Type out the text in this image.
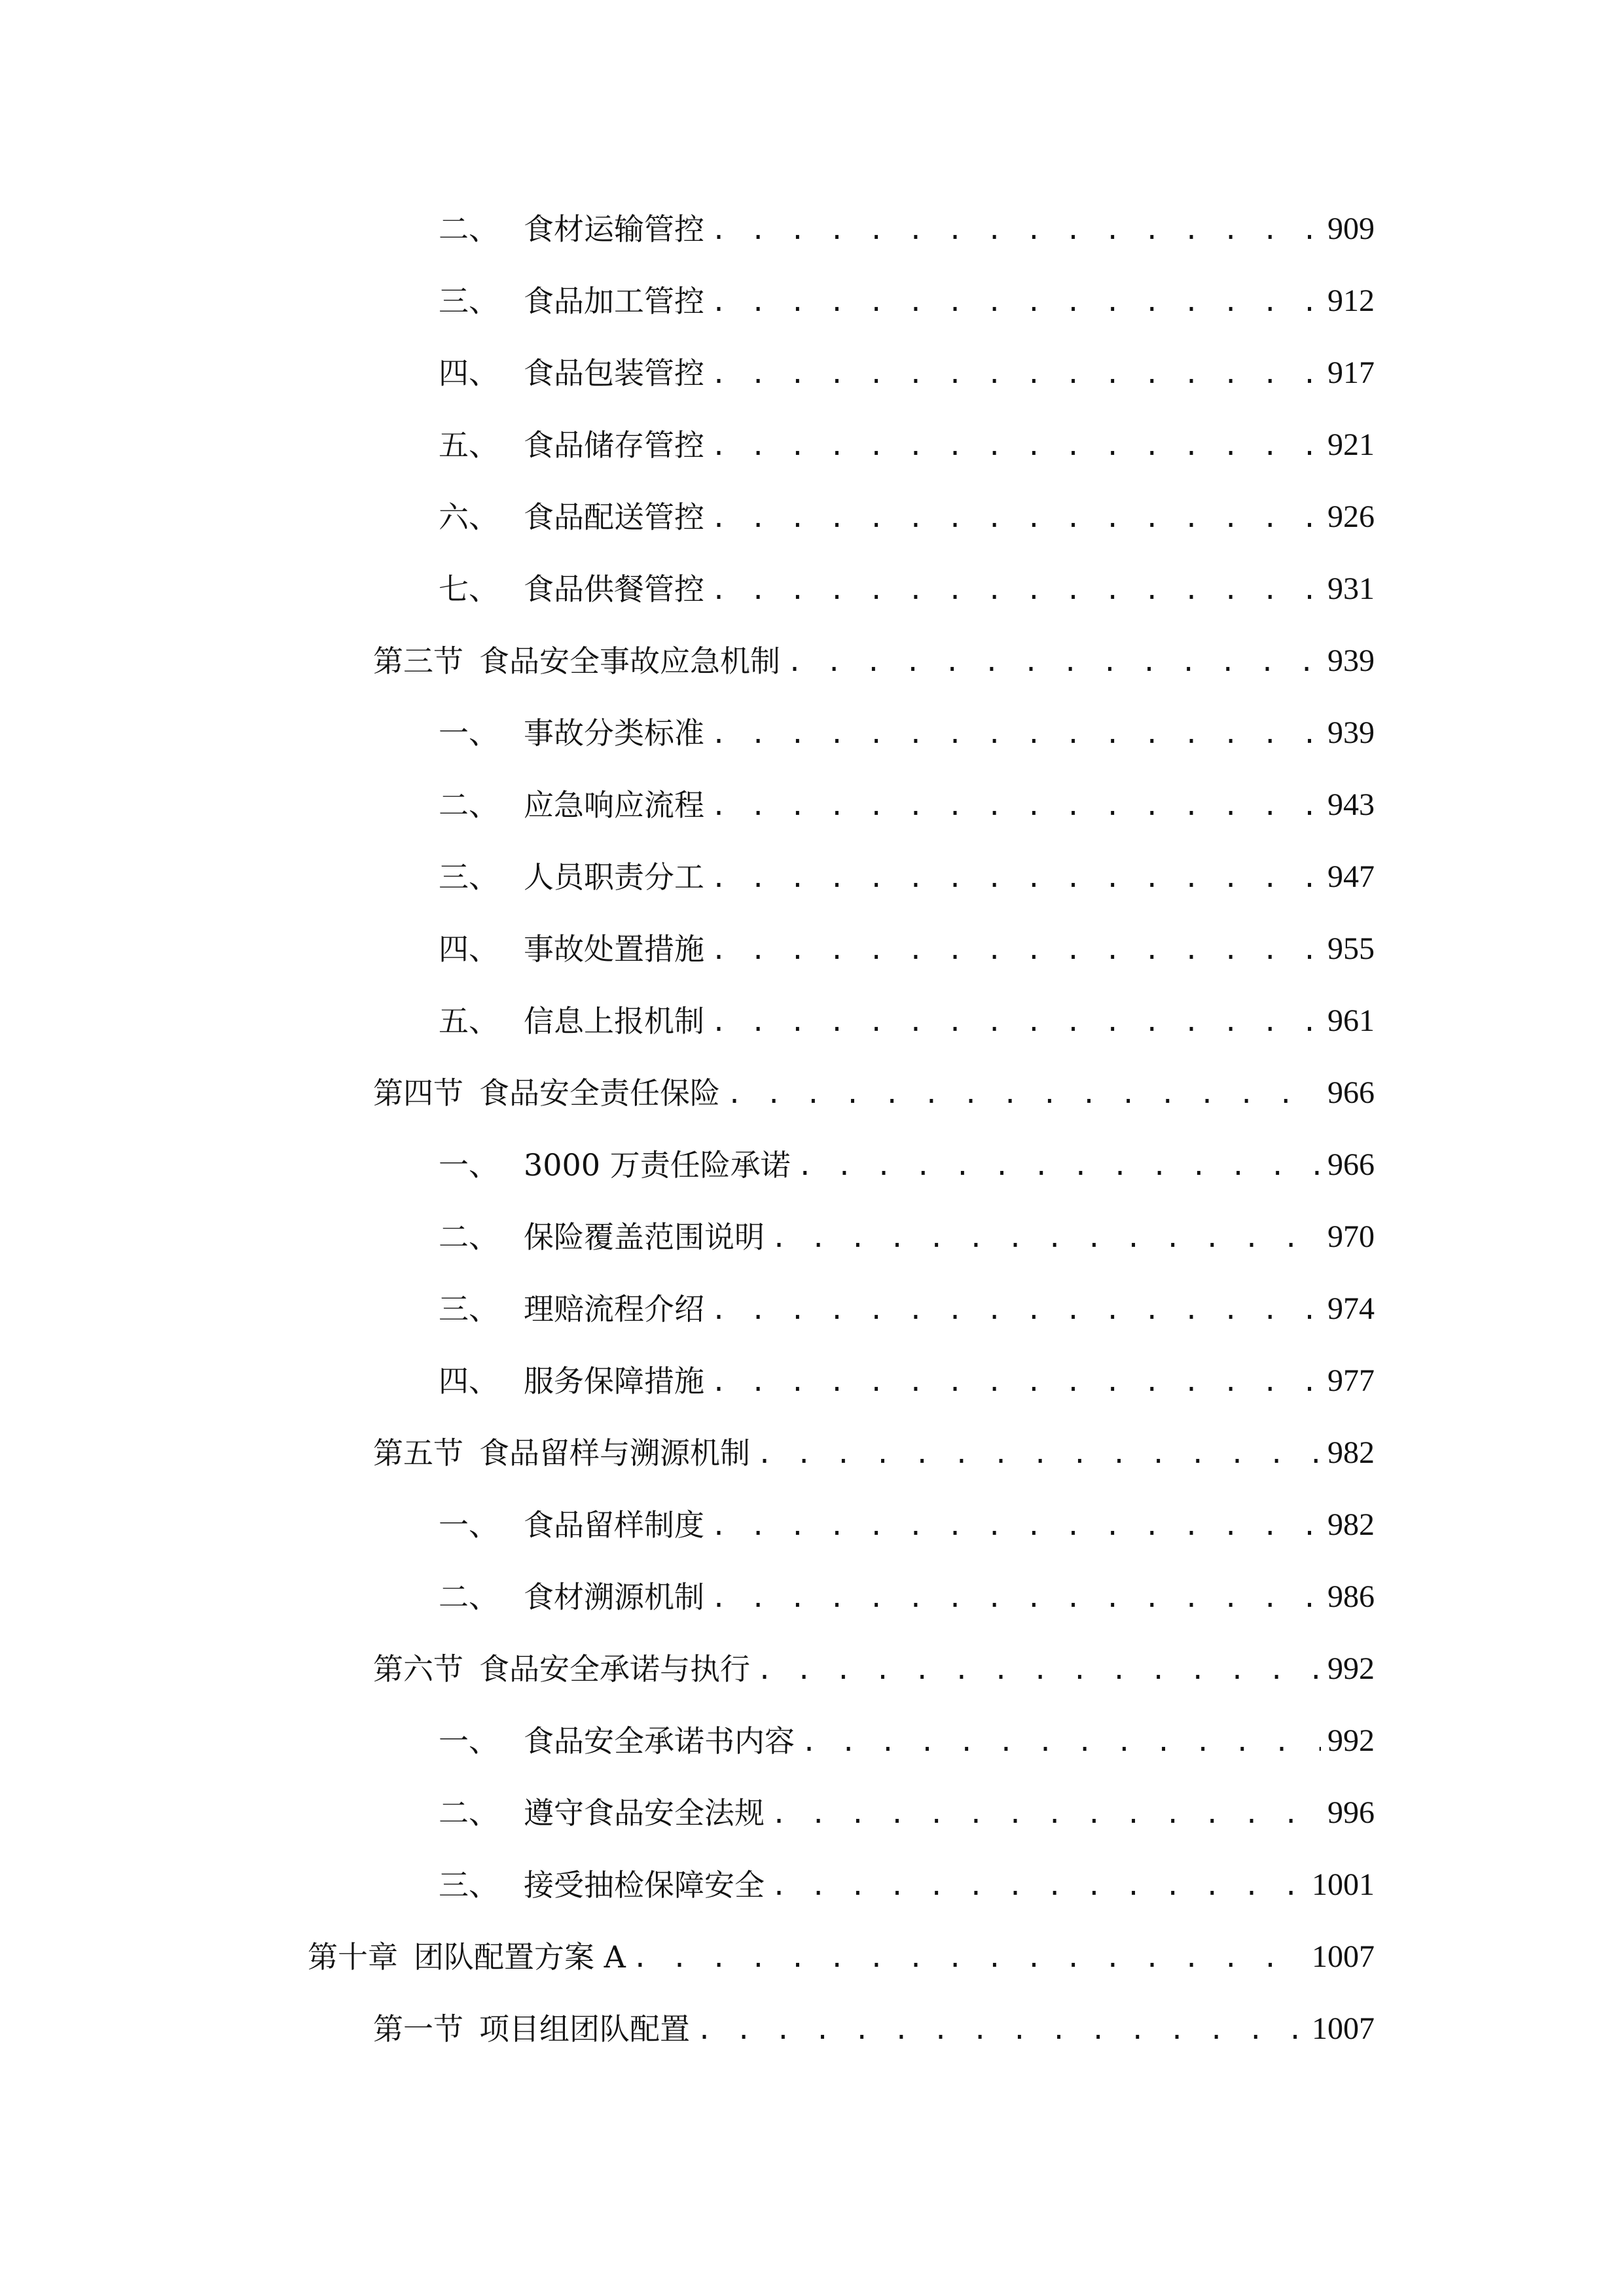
二、 食材运输管控 . . .	909
三、 食品加工管控 . . .	912
四、 食品包装管控 . . .	917
五、 食品储存管控 . . .	921
六、 食品配送管控 . . .	926
七、 食品供餐管控 . . .	931
第三节 食品安全事故应急机制 . . .	939
一、 事故分类标准 . . .	939
二、 应急响应流程 . . .	943
三、 人员职责分工 . . .	947
四、 事故处置措施 . . .	955
五、 信息上报机制 . . .	961
第四节 食品安全责任保险 . . .	966
一、 3000 万责任险承诺 . . .	966
二、 保险覆盖范围说明 . . .	970
三、 理赔流程介绍 . . .	974
四、 服务保障措施 . . .	977
第五节 食品留样与溯源机制 . . .	982
一、 食品留样制度 . . .	982
二、 食材溯源机制 . . .	986
第六节 食品安全承诺与执行 . . .	992
一、 食品安全承诺书内容 . . .	992
二、 遵守食品安全法规 . . .	996
三、 接受抽检保障安全 . . .	1001
第十章 团队配置方案 A . . .	1007
第一节 项目组团队配置 . . .	1007
